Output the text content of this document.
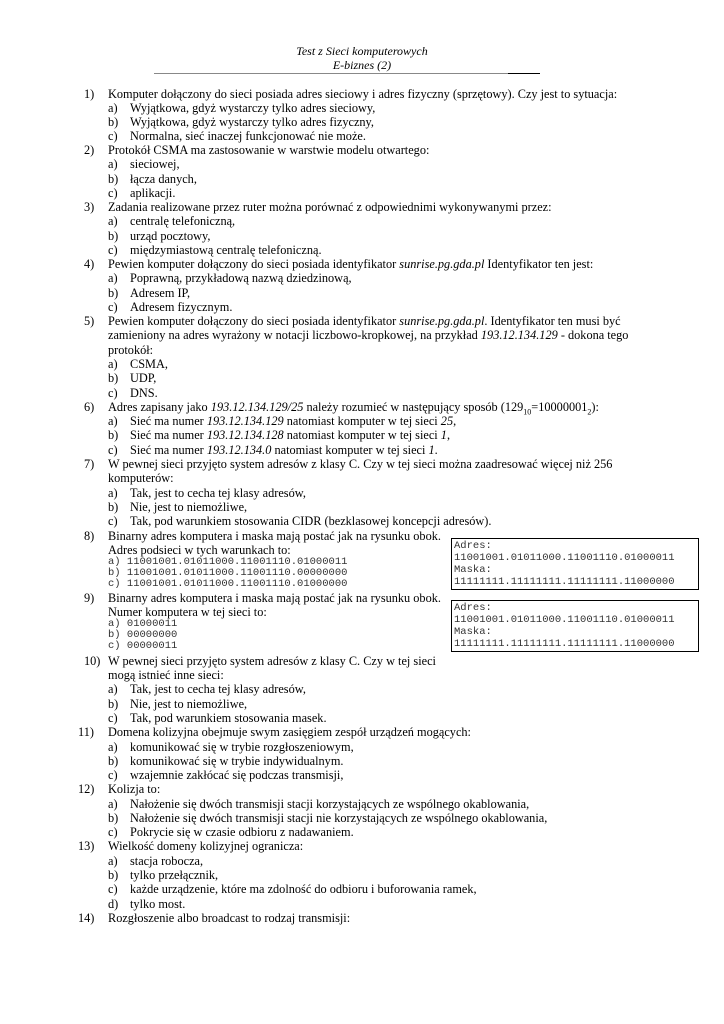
Test z Sieci komputerowych
E-biznes (2)
1)	Komputer dołączony do sieci posiada adres sieciowy i adres fizyczny (sprzętowy). Czy jest to sytuacja:
a)	Wyjątkowa, gdyż wystarczy tylko adres sieciowy,
b) Wyjątkowa, gdyż wystarczy tylko adres fizyczny,
c)	Normalna, sieć inaczej funkcjonować nie może.
2)	Protokół CSMA ma zastosowanie w warstwie modelu otwartego:
a)	sieciowej,
b) łącza danych,
c)	aplikacji.
3)	Zadania realizowane przez ruter można porównać z odpowiednimi wykonywanymi przez:
a)	centralę telefoniczną,
b) urząd pocztowy,
c)	międzymiastową centralę telefoniczną.
4)	Pewien komputer dołączony do sieci posiada identyfikator sunrise.pg.gda.pl Identyfikator ten jest:
a)	Poprawną, przykładową nazwą dziedzinową,
b) Adresem IP,
c)	Adresem fizycznym.
5)	Pewien komputer dołączony do sieci posiada identyfikator sunrise.pg.gda.pl. Identyfikator ten musi być
zamieniony na adres wyrażony w notacji liczbowo-kropkowej, na przykład 193.12.134.129 - dokona tego
protokół:
a)	CSMA,
b) UDP,
c)	DNS.
6)	Adres zapisany jako 193.12.134.129/25 należy rozumieć w następujący sposób $(129_{10}=10000001_2)$:
a)	Sieć ma numer 193.12.134.129 natomiast komputer w tej sieci 25,
b) Sieć ma numer 193.12.134.128 natomiast komputer w tej sieci 1,
c)	Sieć ma numer 193.12.134.0 natomiast komputer w tej sieci 1.
7)	W pewnej sieci przyjęto system adresów z klasy C. Czy w tej sieci można zaadresować więcej niż 256
komputerów:
a)	Tak, jest to cecha tej klasy adresów,
b) Nie, jest to niemożliwe,
c)	Tak, pod warunkiem stosowania CIDR (bezklasowej koncepcji adresów).
8)	Binarny adres komputera i maska mają postać jak na rysunku obok.
Adres podsieci w tych warunkach to:
a) 11001001.01011000.11001110.01000011
b) 11001001.01011000.11001110.00000000
c) 11001001.01011000.11001110.01000000
Adres:
11001001.01011000.11001110.01000011
Maska:
11111111.11111111.11111111.11000000
9)	Binarny adres komputera i maska mają postać jak na rysunku obok.
Numer komputera w tej sieci to:
a) 01000011
b) 00000000
c) 00000011
Adres:
11001001.01011000.11001110.01000011
Maska:
11111111.11111111.11111111.11000000
10) W pewnej sieci przyjęto system adresów z klasy C. Czy w tej sieci
mogą istnieć inne sieci:
a)	Tak, jest to cecha tej klasy adresów,
b) Nie, jest to niemożliwe,
c)	Tak, pod warunkiem stosowania masek.
11)	Domena kolizyjna obejmuje swym zasięgiem zespół urządzeń mogących:
a)	komunikować się w trybie rozgłoszeniowym,
b) komunikować się w trybie indywidualnym.
c)	wzajemnie zakłócać się podczas transmisji,
12)	Kolizja to:
a)	Nałożenie się dwóch transmisji stacji korzystających ze wspólnego okablowania,
b) Nałożenie się dwóch transmisji stacji nie korzystających ze wspólnego okablowania,
c)	Pokrycie się w czasie odbioru z nadawaniem.
13)	Wielkość domeny kolizyjnej ogranicza:
a)	stacja robocza,
b) tylko przełącznik,
c)	każde urządzenie, które ma zdolność do odbioru i buforowania ramek,
d) tylko most.
14)	Rozgłoszenie albo broadcast to rodzaj transmisji:
